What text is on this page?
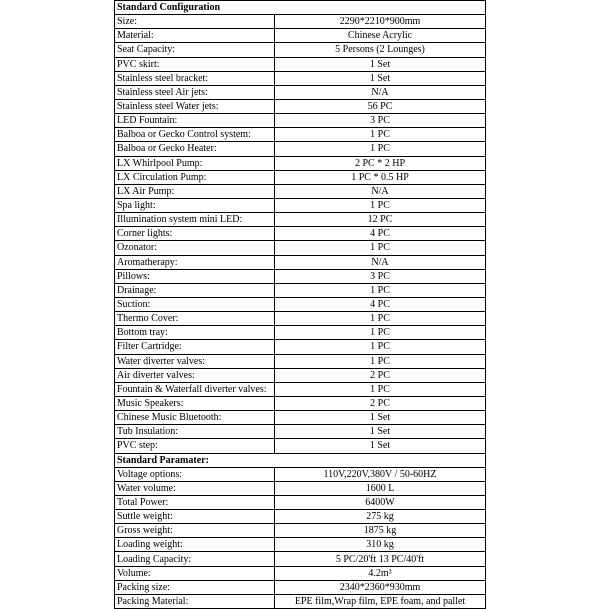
Standard Configuration	
Size:	2290*2210*900mm
Material:	Chinese Acrylic
Seat Capacity:	5 Persons (2 Lounges)
PVC skirt:	1 Set
Stainless steel bracket:	1 Set
Stainless steel Air jets:	N/A
Stainless steel Water jets:	56 PC
LED Fountain:	3 PC
Balboa or Gecko Control system:	1 PC
Balboa or Gecko Heater:	1 PC
LX Whirlpool Pump:	2 PC * 2 HP
LX Circulation Pump:	1 PC * 0.5 HP
LX Air Pump:	N/A
Spa light:	1 PC
Illumination system mini LED:	12 PC
Corner lights:	4 PC
Ozonator:	1 PC
Aromatherapy:	N/A
Pillows:	3 PC
Drainage:	1 PC
Suction:	4 PC
Thermo Cover:	1 PC
Bottom tray:	1 PC
Filter Cartridge:	1 PC
Water diverter valves:	1 PC
Air diverter valves:	2 PC
Fountain & Waterfall diverter valves:	1 PC
Music Speakers:	2 PC
Chinese Music Bluetooth:	1 Set
Tub Insulation:	1 Set
PVC step:	1 Set
Standard Paramater:	
Voltage options:	110V,220V,380V / 50-60HZ
Water volume:	1600 L
Total Power:	6400W
Suttle weight:	275 kg
Gross weight:	1875 kg
Loading weight:	310 kg
Loading Capacity:	5 PC/20'ft 13 PC/40'ft
Volume:	4.2m³
Packing size:	2340*2360*930mm
Packing Material:	EPE film,Wrap film, EPE foam, and pallet
